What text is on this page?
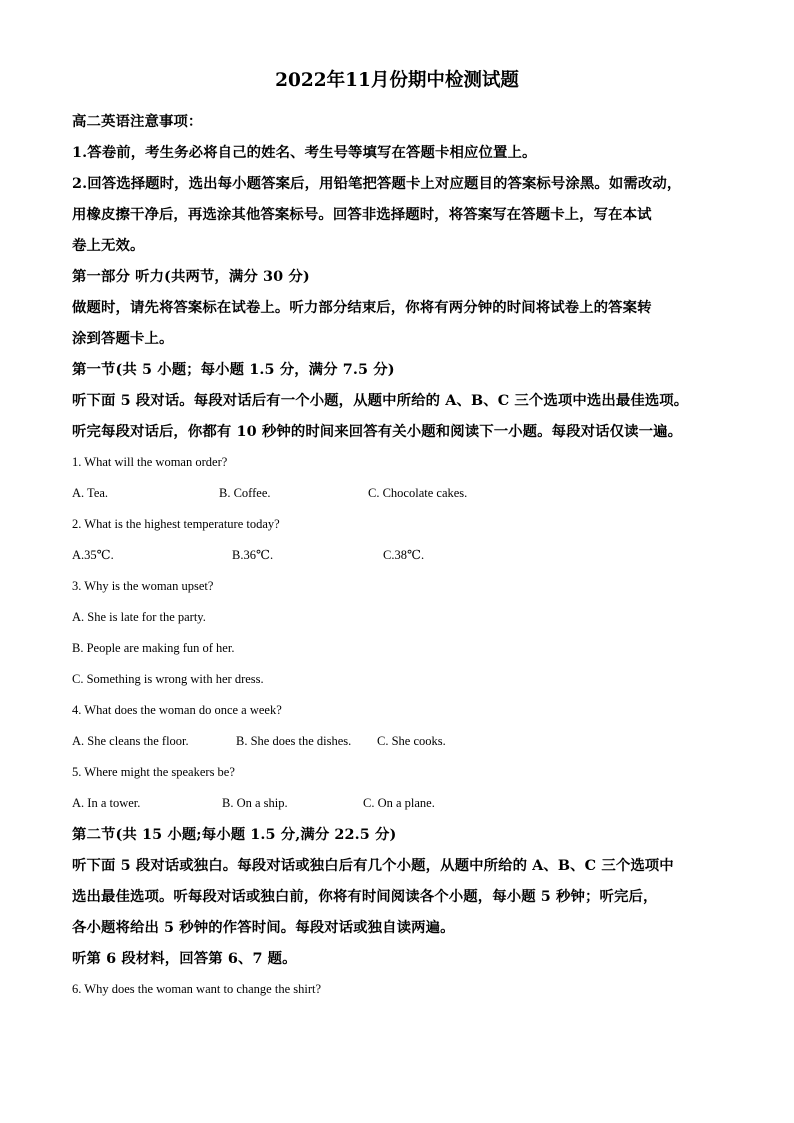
2022年11月份期中检测试题
高二英语注意事项：
1.答卷前，考生务必将自己的姓名、考生号等填写在答题卡相应位置上。
2.回答选择题时，选出每小题答案后，用铅笔把答题卡上对应题目的答案标号涂黑。如需改动，
用橡皮擦干净后，再选涂其他答案标号。回答非选择题时，将答案写在答题卡上，写在本试
卷上无效。
第一部分 听力(共两节，满分 30 分)
做题时，请先将答案标在试卷上。听力部分结束后，你将有两分钟的时间将试卷上的答案转
涂到答题卡上。
第一节(共 5 小题；每小题 1.5 分，满分 7.5 分)
听下面 5 段对话。每段对话后有一个小题，从题中所给的 A、B、C 三个选项中选出最佳选项。
听完每段对话后，你都有 10 秒钟的时间来回答有关小题和阅读下一小题。每段对话仅读一遍。
1. What will the woman order?
A. Tea.	B. Coffee.	C. Chocolate cakes.
2. What is the highest temperature today?
A.35℃.	B.36℃.	C.38℃.
3. Why is the woman upset?
A. She is late for the party.
B. People are making fun of her.
C. Something is wrong with her dress.
4. What does the woman do once a week?
A. She cleans the floor.	B. She does the dishes. C. She cooks.
5. Where might the speakers be?
A. In a tower.	B. On a ship.	C. On a plane.
第二节(共 15 小题;每小题 1.5 分,满分 22.5 分)
听下面 5 段对话或独白。每段对话或独白后有几个小题，从题中所给的 A、B、C 三个选项中
选出最佳选项。听每段对话或独白前，你将有时间阅读各个小题，每小题 5 秒钟；听完后，
各小题将给出 5 秒钟的作答时间。每段对话或独自读两遍。
听第 6 段材料，回答第 6、7 题。
6. Why does the woman want to change the shirt?
